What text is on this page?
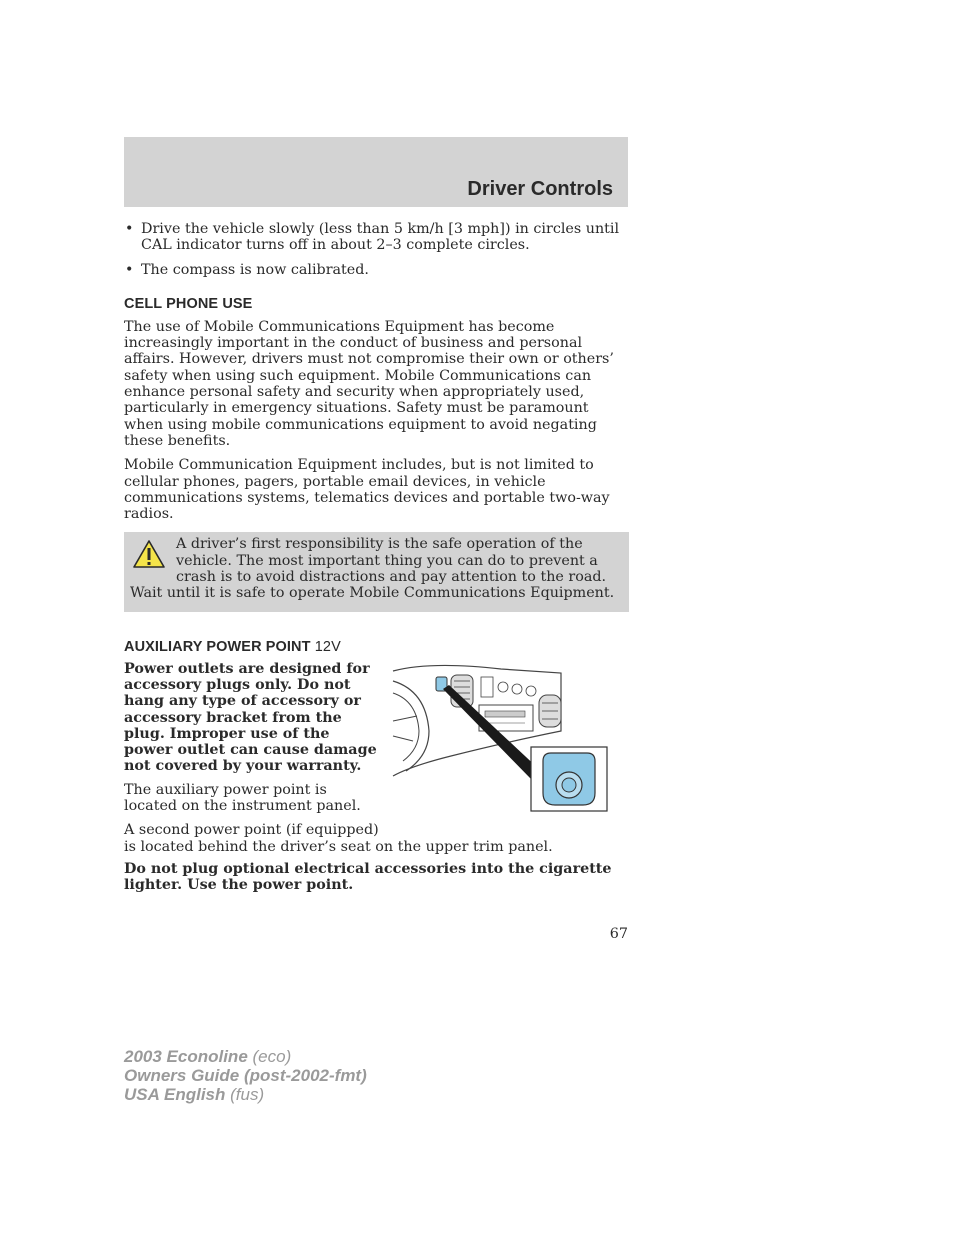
Driver Controls
• Drive the vehicle slowly (less than 5 km/h [3 mph]) in circles until CAL indicator turns off in about 2–3 complete circles.
• The compass is now calibrated.
CELL PHONE USE

The use of Mobile Communications Equipment has become increasingly important in the conduct of business and personal affairs. However, drivers must not compromise their own or others’ safety when using such equipment. Mobile Communications can enhance personal safety and security when appropriately used, particularly in emergency situations. Safety must be paramount when using mobile communications equipment to avoid negating these benefits.

Mobile Communication Equipment includes, but is not limited to cellular phones, pagers, portable email devices, in vehicle communications systems, telematics devices and portable two-way radios.

A driver’s first responsibility is the safe operation of the vehicle. The most important thing you can do to prevent a crash is to avoid distractions and pay attention to the road. Wait until it is safe to operate Mobile Communications Equipment.
AUXILIARY POWER POINT 12V

Power outlets are designed for accessory plugs only. Do not hang any type of accessory or accessory bracket from the plug. Improper use of the power outlet can cause damage not covered by your warranty.

The auxiliary power point is located on the instrument panel.

A second power point (if equipped)

is located behind the driver’s seat on the upper trim panel.

Do not plug optional electrical accessories into the cigarette lighter. Use the power point.

67
2003 Econoline (eco)
Owners Guide (post-2002-fmt)
USA English (fus)
